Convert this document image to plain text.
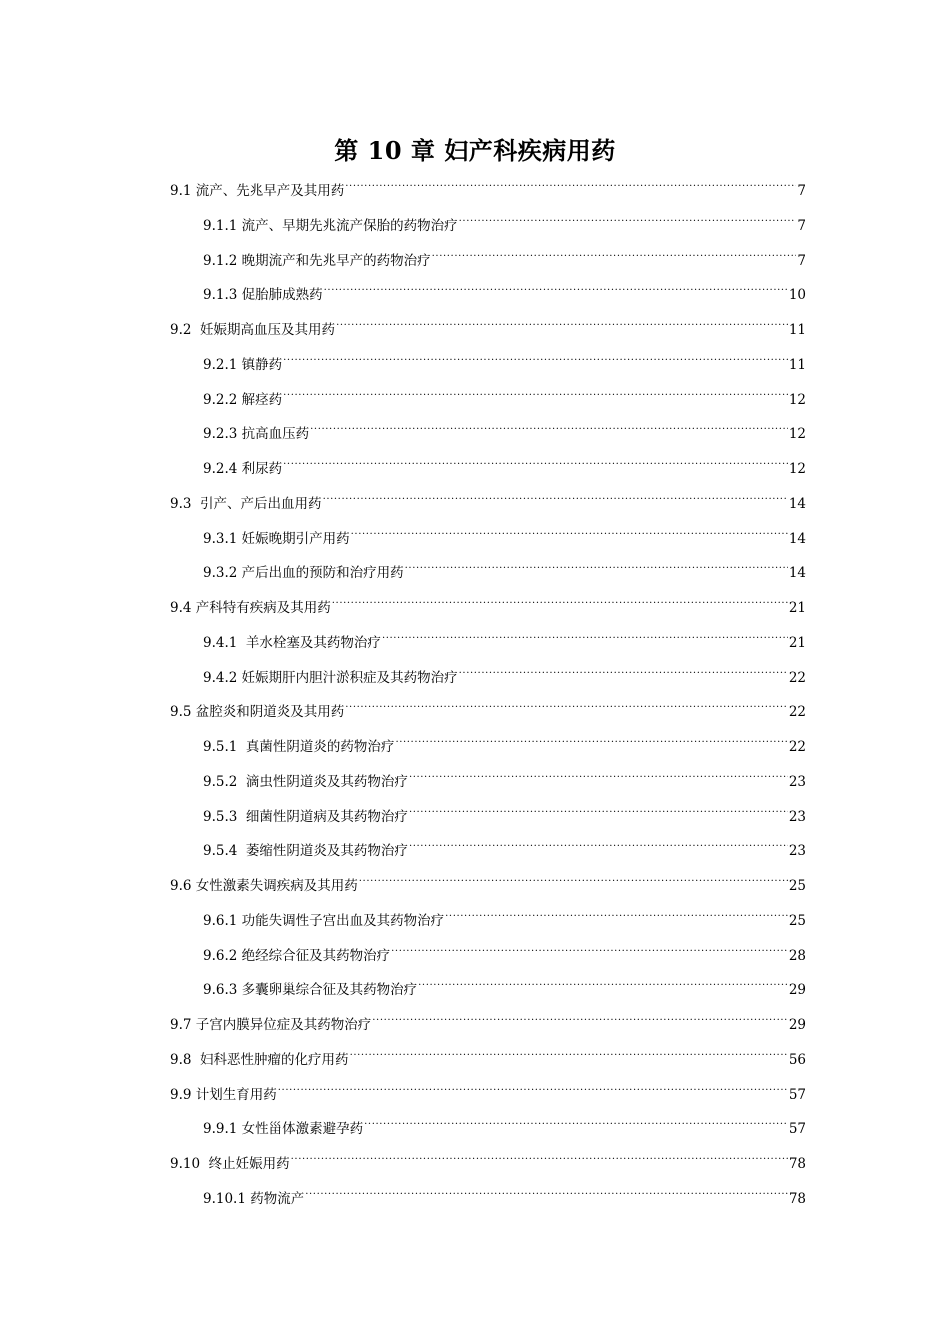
第 10 章 妇产科疾病用药
9.1 流产、先兆早产及其用药 .....	7
9.1.1 流产、早期先兆流产保胎的药物治疗 .....	7
9.1.2 晚期流产和先兆早产的药物治疗 .....	7
9.1.3 促胎肺成熟药 .....	10
9.2  妊娠期高血压及其用药 .....	11
9.2.1 镇静药 .....	11
9.2.2 解痉药 .....	12
9.2.3 抗高血压药 .....	12
9.2.4 利尿药 .....	12
9.3  引产、产后出血用药 .....	14
9.3.1 妊娠晚期引产用药 .....	14
9.3.2 产后出血的预防和治疗用药 .....	14
9.4 产科特有疾病及其用药 .....	21
9.4.1  羊水栓塞及其药物治疗 .....	21
9.4.2 妊娠期肝内胆汁淤积症及其药物治疗 .....	22
9.5 盆腔炎和阴道炎及其用药 .....	22
9.5.1  真菌性阴道炎的药物治疗 .....	22
9.5.2  滴虫性阴道炎及其药物治疗 .....	23
9.5.3  细菌性阴道病及其药物治疗 .....	23
9.5.4  萎缩性阴道炎及其药物治疗 .....	23
9.6 女性激素失调疾病及其用药 .....	25
9.6.1 功能失调性子宫出血及其药物治疗 .....	25
9.6.2 绝经综合征及其药物治疗 .....	28
9.6.3 多囊卵巢综合征及其药物治疗 .....	29
9.7 子宫内膜异位症及其药物治疗 .....	29
9.8  妇科恶性肿瘤的化疗用药 .....	56
9.9 计划生育用药 .....	57
9.9.1 女性甾体激素避孕药 .....	57
9.10  终止妊娠用药 .....	78
9.10.1 药物流产 .....	78
